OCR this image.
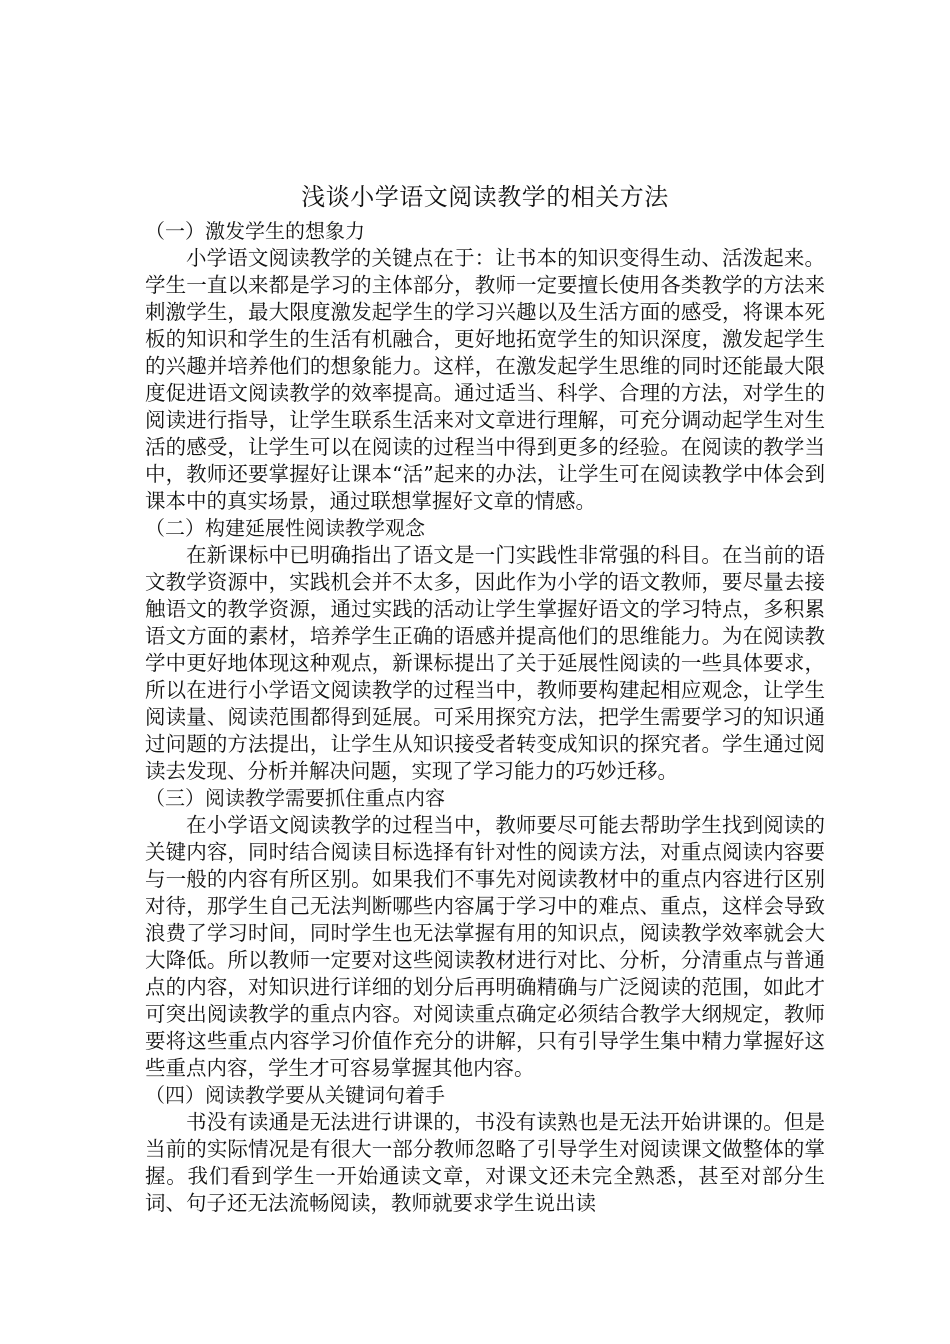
浅谈小学语文阅读教学的相关方法
（一）激发学生的想象力

小学语文阅读教学的关键点在于：让书本的知识变得生动、活泼起来。学生一直以来都是学习的主体部分，教师一定要擅长使用各类教学的方法来刺激学生，最大限度激发起学生的学习兴趣以及生活方面的感受，将课本死板的知识和学生的生活有机融合，更好地拓宽学生的知识深度，激发起学生的兴趣并培养他们的想象能力。这样，在激发起学生思维的同时还能最大限度促进语文阅读教学的效率提高。通过适当、科学、合理的方法，对学生的阅读进行指导，让学生联系生活来对文章进行理解，可充分调动起学生对生活的感受，让学生可以在阅读的过程当中得到更多的经验。在阅读的教学当中，教师还要掌握好让课本“活”起来的办法，让学生可在阅读教学中体会到课本中的真实场景，通过联想掌握好文章的情感。

（二）构建延展性阅读教学观念

在新课标中已明确指出了语文是一门实践性非常强的科目。在当前的语文教学资源中，实践机会并不太多，因此作为小学的语文教师，要尽量去接触语文的教学资源，通过实践的活动让学生掌握好语文的学习特点，多积累语文方面的素材，培养学生正确的语感并提高他们的思维能力。为在阅读教学中更好地体现这种观点，新课标提出了关于延展性阅读的一些具体要求，所以在进行小学语文阅读教学的过程当中，教师要构建起相应观念，让学生阅读量、阅读范围都得到延展。可采用探究方法，把学生需要学习的知识通过问题的方法提出，让学生从知识接受者转变成知识的探究者。学生通过阅读去发现、分析并解决问题，实现了学习能力的巧妙迁移。

（三）阅读教学需要抓住重点内容

在小学语文阅读教学的过程当中，教师要尽可能去帮助学生找到阅读的关键内容，同时结合阅读目标选择有针对性的阅读方法，对重点阅读内容要与一般的内容有所区别。如果我们不事先对阅读教材中的重点内容进行区别对待，那学生自己无法判断哪些内容属于学习中的难点、重点，这样会导致浪费了学习时间，同时学生也无法掌握有用的知识点，阅读教学效率就会大大降低。所以教师一定要对这些阅读教材进行对比、分析，分清重点与普通点的内容，对知识进行详细的划分后再明确精确与广泛阅读的范围，如此才可突出阅读教学的重点内容。对阅读重点确定必须结合教学大纲规定，教师要将这些重点内容学习价值作充分的讲解，只有引导学生集中精力掌握好这些重点内容，学生才可容易掌握其他内容。

（四）阅读教学要从关键词句着手

书没有读通是无法进行讲课的，书没有读熟也是无法开始讲课的。但是当前的实际情况是有很大一部分教师忽略了引导学生对阅读课文做整体的掌握。我们看到学生一开始通读文章，对课文还未完全熟悉，甚至对部分生词、句子还无法流畅阅读，教师就要求学生说出读
